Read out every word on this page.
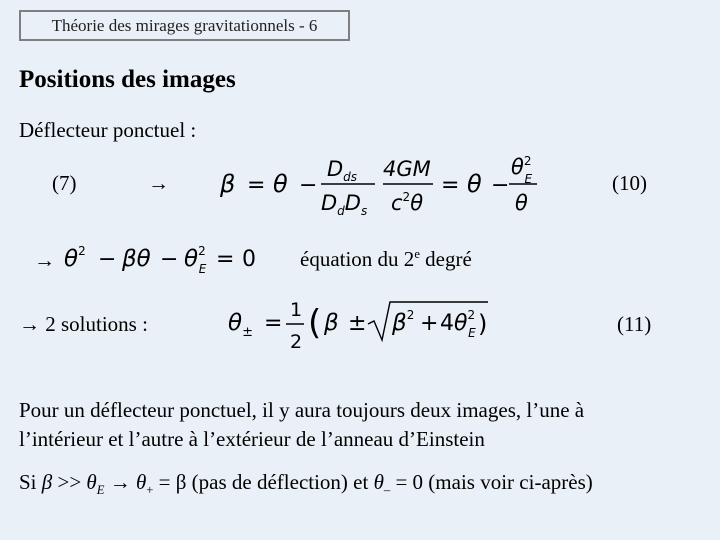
Théorie des mirages gravitationnels - 6
Positions des images
Déflecteur ponctuel :
(7)	→ β = θ −
$D_{ds}$
$D_dD_s$
4GM
$c^2\theta$
= θ −
$\theta^2$ E
θ
(10)
→ $\theta^2 - \beta\theta - \theta^2$ E = 0 équation du 2e degré
→ 2 solutions :	$\theta_\pm$ =
1
2 ( $\beta \pm \beta^2 + 4\theta^2$ E )	(11)
Pour un déflecteur ponctuel, il y aura toujours deux images, l’une à
l’intérieur et l’autre à l’extérieur de l’anneau d’Einstein
Si $\beta >> \theta_E \to \theta_+ = \beta$ (pas de déflection) et $\theta_- = 0$ (mais voir ci-après)
